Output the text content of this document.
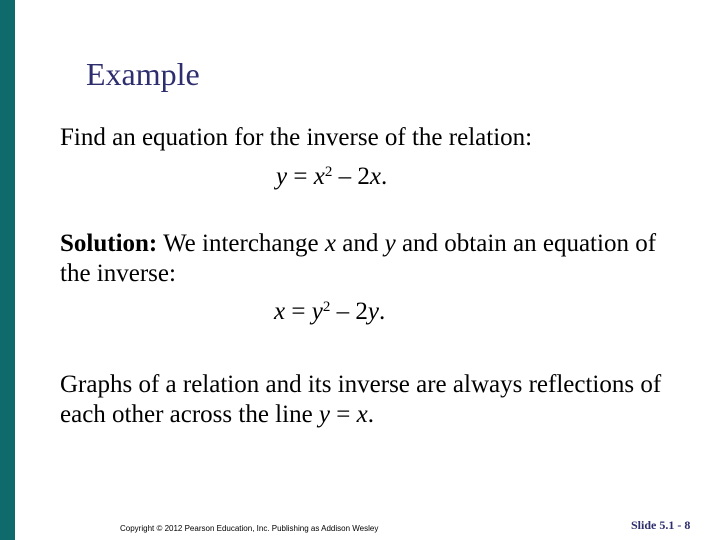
Example
Find an equation for the inverse of the relation:
$y = x^2 - 2x$.
Solution: We interchange x and y and obtain an equation of the inverse:
$x = y^2 - 2y$.
Graphs of a relation and its inverse are always reflections of each other across the line y = x.
Copyright © 2012 Pearson Education, Inc. Publishing as Addison Wesley	Slide 5.1 - 8
